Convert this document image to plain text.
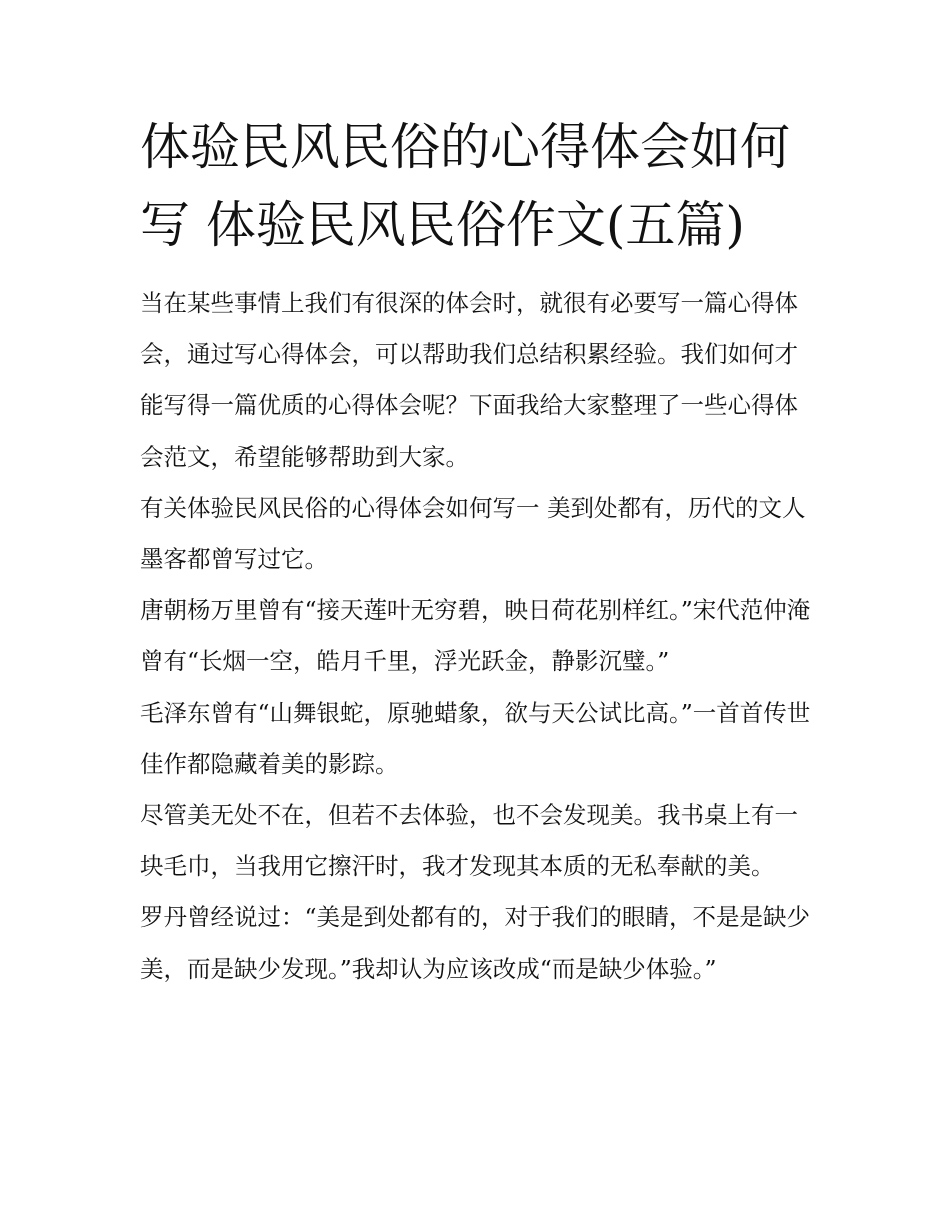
体验民风民俗的心得体会如何写 体验民风民俗作文(五篇)

当在某些事情上我们有很深的体会时，就很有必要写一篇心得体会，通过写心得体会，可以帮助我们总结积累经验。我们如何才能写得一篇优质的心得体会呢？下面我给大家整理了一些心得体会范文，希望能够帮助到大家。

有关体验民风民俗的心得体会如何写一 美到处都有，历代的文人墨客都曾写过它。

唐朝杨万里曾有“接天莲叶无穷碧，映日荷花别样红。”宋代范仲淹曾有“长烟一空，皓月千里，浮光跃金，静影沉璧。”

毛泽东曾有“山舞银蛇，原驰蜡象，欲与天公试比高。”一首首传世佳作都隐藏着美的影踪。

尽管美无处不在，但若不去体验，也不会发现美。我书桌上有一块毛巾，当我用它擦汗时，我才发现其本质的无私奉献的美。

罗丹曾经说过：“美是到处都有的，对于我们的眼睛，不是是缺少美，而是缺少发现。”我却认为应该改成“而是缺少体验。”
